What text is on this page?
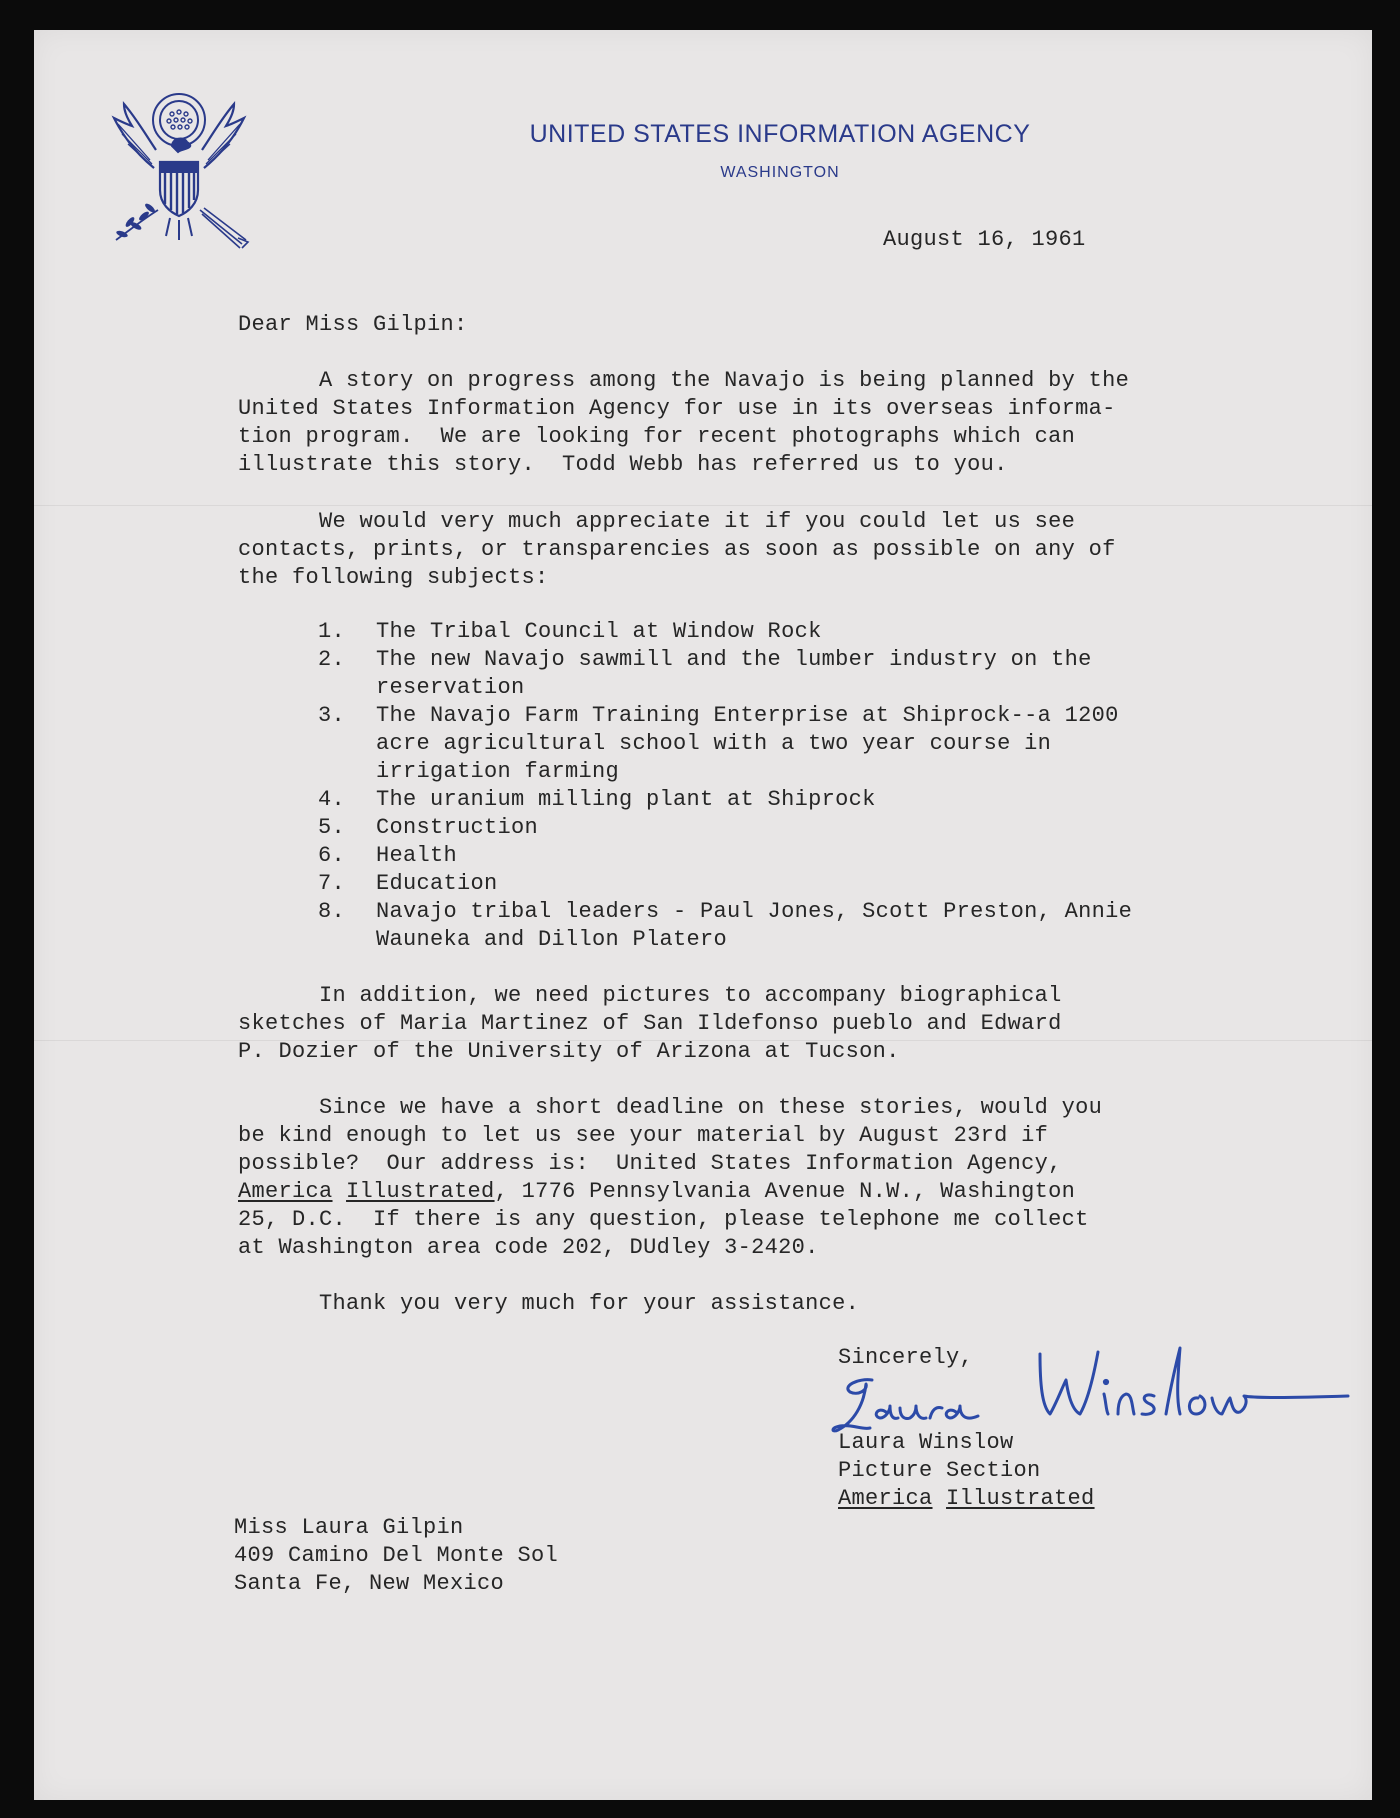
UNITED STATES INFORMATION AGENCY
WASHINGTON
August 16, 1961
Dear Miss Gilpin:
A story on progress among the Navajo is being planned by the
United States Information Agency for use in its overseas informa-
tion program.  We are looking for recent photographs which can
illustrate this story.  Todd Webb has referred us to you.
We would very much appreciate it if you could let us see
contacts, prints, or transparencies as soon as possible on any of
the following subjects:
1. The Tribal Council at Window Rock
2. The new Navajo sawmill and the lumber industry on the
reservation
3. The Navajo Farm Training Enterprise at Shiprock--a 1200
acre agricultural school with a two year course in
irrigation farming
4. The uranium milling plant at Shiprock
5. Construction
6. Health
7. Education
8. Navajo tribal leaders - Paul Jones, Scott Preston, Annie
Wauneka and Dillon Platero
In addition, we need pictures to accompany biographical
sketches of Maria Martinez of San Ildefonso pueblo and Edward
P. Dozier of the University of Arizona at Tucson.
Since we have a short deadline on these stories, would you
be kind enough to let us see your material by August 23rd if
possible?  Our address is:  United States Information Agency,
America Illustrated, 1776 Pennsylvania Avenue N.W., Washington
25, D.C.  If there is any question, please telephone me collect
at Washington area code 202, DUdley 3-2420.
Thank you very much for your assistance.
Sincerely,
Laura Winslow
Picture Section
America Illustrated
Miss Laura Gilpin
409 Camino Del Monte Sol
Santa Fe, New Mexico
